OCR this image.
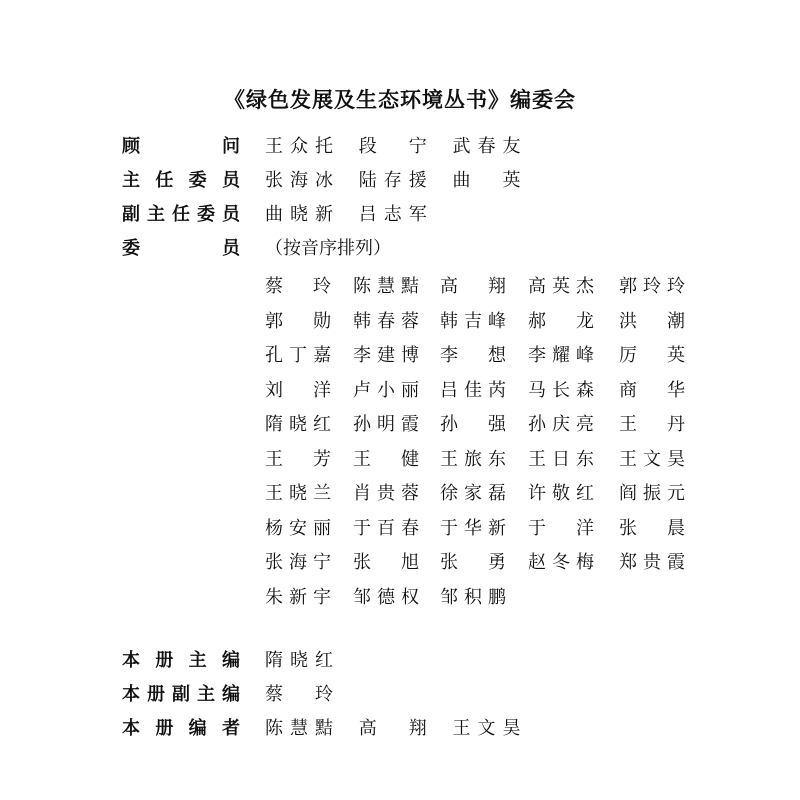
《绿色发展及生态环境丛书》编委会
顾　问 王众托 段　宁 武春友
主任委员 张海冰 陆存援 曲　英
副主任委员 曲晓新 吕志军
委　员 （按音序排列）
蔡　玲 陈慧黠 高　翔 高英杰 郭玲玲
郭　勋 韩春蓉 韩吉峰 郝　龙 洪　潮
孔丁嘉 李建博 李　想 李耀峰 厉　英
刘　洋 卢小丽 吕佳芮 马长森 商　华
隋晓红 孙明霞 孙　强 孙庆亮 王　丹
王　芳 王　健 王旅东 王日东 王文昊
王晓兰 肖贵蓉 徐家磊 许敬红 阎振元
杨安丽 于百春 于华新 于　洋 张　晨
张海宁 张　旭 张　勇 赵冬梅 郑贵霞
朱新宇 邹德权 邹积鹏
本册主编 隋晓红
本册副主编 蔡　玲
本册编者 陈慧黠 高　翔 王文昊
